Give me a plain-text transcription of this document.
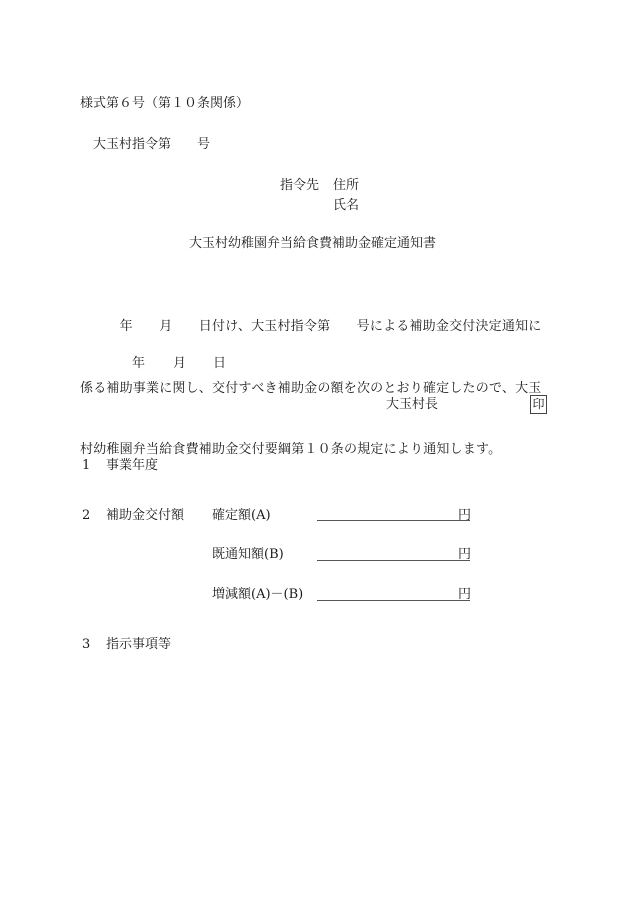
様式第６号（第１０条関係）
大玉村指令第　　号
指令先 住所
氏名
大玉村幼稚園弁当給食費補助金確定通知書

　　　年　　月　　日付け、大玉村指令第　　号による補助金交付決定通知に

係る補助事業に関し、交付すべき補助金の額を次のとおり確定したので、大玉

村幼稚園弁当給食費補助金交付要綱第１０条の規定により通知します。

年 月 日
大玉村長	印
1 事業年度
2 補助金交付額 確定額(A)	円
既通知額(B)	円
増減額(A)－(B)	円
3 指示事項等
